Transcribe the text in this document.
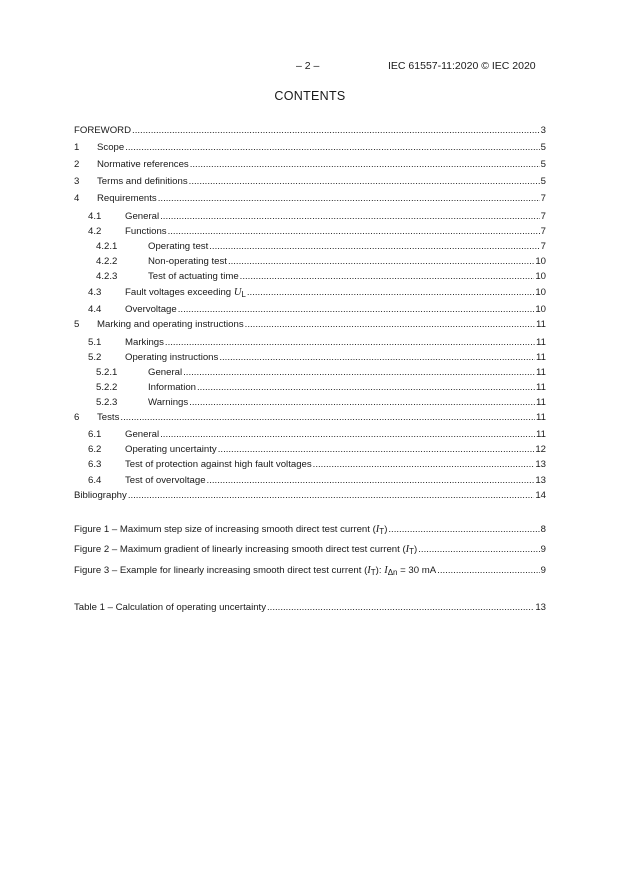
– 2 –	IEC 61557-11:2020 © IEC 2020
CONTENTS
FOREWORD .....	3
1	Scope .....	5
2	Normative references .....	5
3	Terms and definitions .....	5
4	Requirements .....	7
4.1	General .....	7
4.2	Functions .....	7
4.2.1	Operating test .....	7
4.2.2	Non-operating test .....	10
4.2.3	Test of actuating time .....	10
4.3	Fault voltages exceeding $U_L$ .....	10
4.4	Overvoltage .....	10
5	Marking and operating instructions .....	11
5.1	Markings .....	11
5.2	Operating instructions .....	11
5.2.1	General .....	11
5.2.2	Information .....	11
5.2.3	Warnings .....	11
6	Tests .....	11
6.1	General .....	11
6.2	Operating uncertainty .....	12
6.3	Test of protection against high fault voltages .....	13
6.4	Test of overvoltage .....	13
Bibliography .....	14
Figure 1 – Maximum step size of increasing smooth direct test current $(I_T)$ .....	8
Figure 2 – Maximum gradient of linearly increasing smooth direct test current $(I_T)$ .....	9
Figure 3 – Example for linearly increasing smooth direct test current $(I_T)$: $I_{\Delta n} = 30$ mA .....	9
Table 1 – Calculation of operating uncertainty .....	13
